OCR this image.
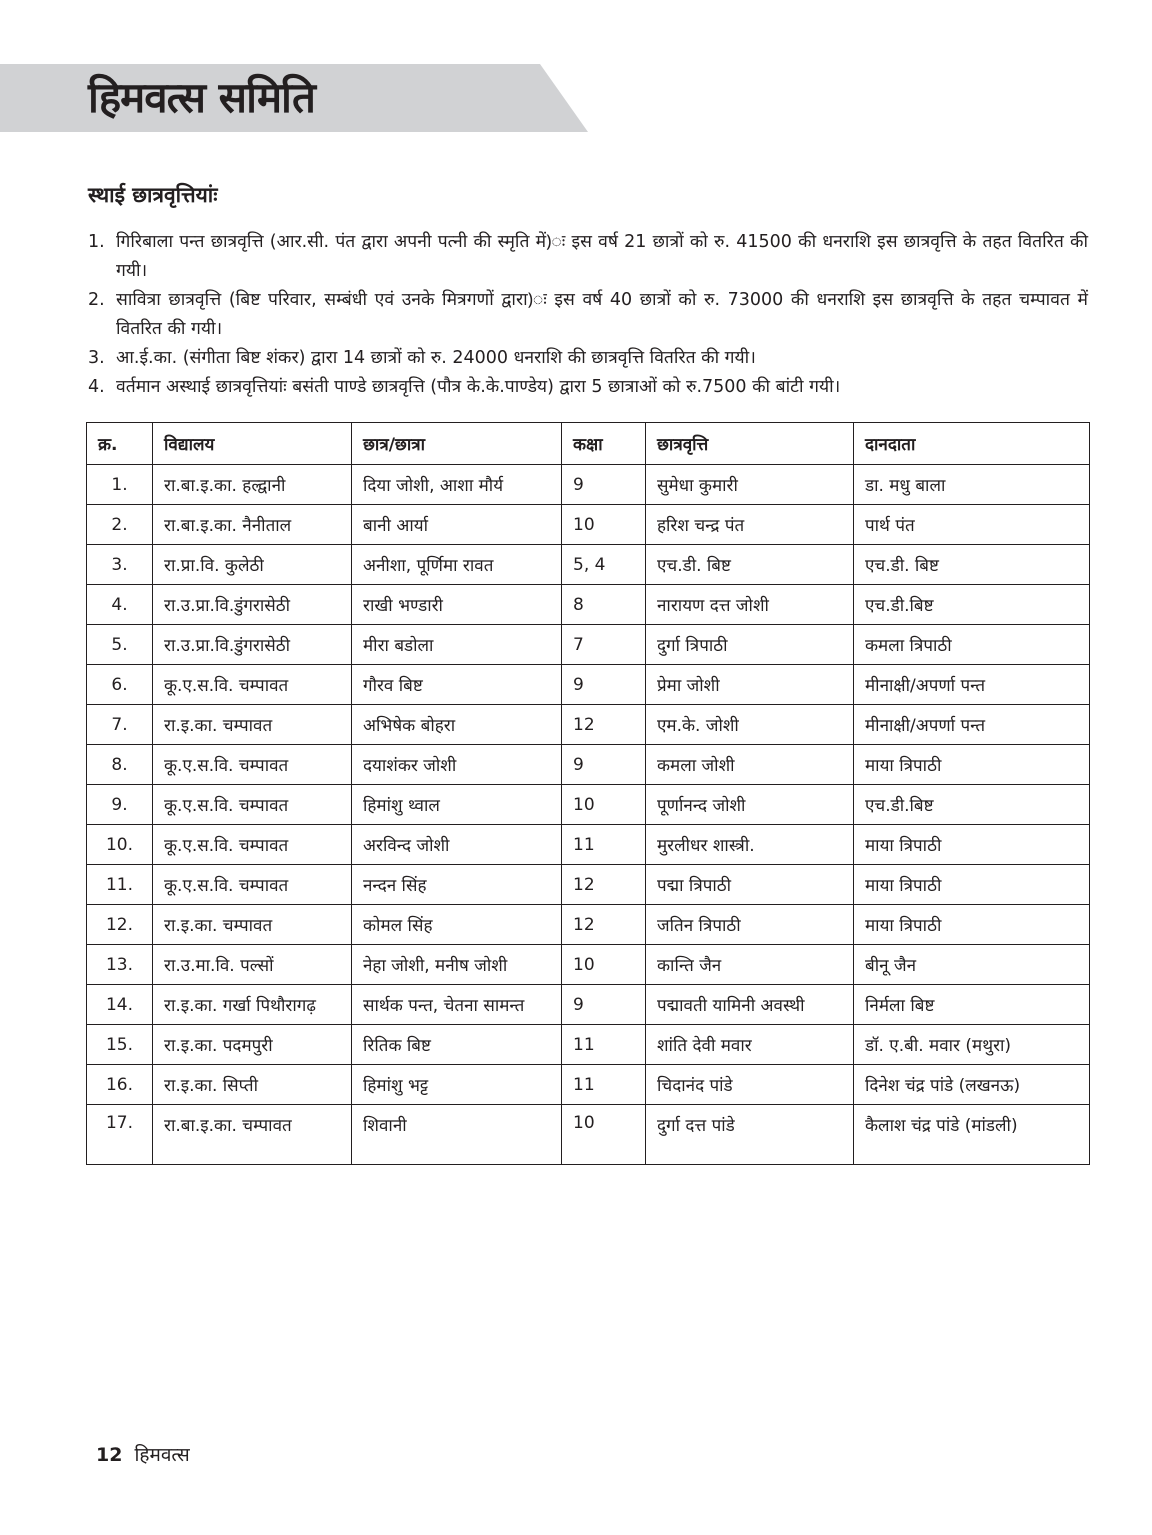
हिमवत्स समिति
स्थाई छात्रवृत्तियांः
1. गिरिबाला पन्त छात्रवृत्ति (आर.सी. पंत द्वारा अपनी पत्नी की स्मृति में)ः इस वर्ष 21 छात्रों को रु. 41500 की धनराशि इस छात्रवृत्ति के तहत वितरित की गयी।
2. सावित्रा छात्रवृत्ति (बिष्ट परिवार, सम्बंधी एवं उनके मित्रगणों द्वारा)ः इस वर्ष 40 छात्रों को रु. 73000 की धनराशि इस छात्रवृत्ति के तहत चम्पावत में वितरित की गयी।
3. आ.ई.का. (संगीता बिष्ट शंकर) द्वारा 14 छात्रों को रु. 24000 धनराशि की छात्रवृत्ति वितरित की गयी।
4. वर्तमान अस्थाई छात्रवृत्तियांः बसंती पाण्डे छात्रवृत्ति (पौत्र के.के.पाण्डेय) द्वारा 5 छात्राओं को रु.7500 की बांटी गयी।
क्र.	विद्यालय	छात्र/छात्रा	कक्षा	छात्रवृत्ति	दानदाता
1.	रा.बा.इ.का. हल्द्वानी	दिया जोशी, आशा मौर्य	9	सुमेधा कुमारी	डा. मधु बाला
2.	रा.बा.इ.का. नैनीताल	बानी आर्या	10	हरिश चन्द्र पंत	पार्थ पंत
3.	रा.प्रा.वि. कुलेठी	अनीशा, पूर्णिमा रावत	5, 4	एच.डी. बिष्ट	एच.डी. बिष्ट
4.	रा.उ.प्रा.वि.डुंगरासेठी	राखी भण्डारी	8	नारायण दत्त जोशी	एच.डी.बिष्ट
5.	रा.उ.प्रा.वि.डुंगरासेठी	मीरा बडोला	7	दुर्गा त्रिपाठी	कमला त्रिपाठी
6.	कू.ए.स.वि. चम्पावत	गौरव बिष्ट	9	प्रेमा जोशी	मीनाक्षी/अपर्णा पन्त
7.	रा.इ.का. चम्पावत	अभिषेक बोहरा	12	एम.के. जोशी	मीनाक्षी/अपर्णा पन्त
8.	कू.ए.स.वि. चम्पावत	दयाशंकर जोशी	9	कमला जोशी	माया त्रिपाठी
9.	कू.ए.स.वि. चम्पावत	हिमांशु थ्वाल	10	पूर्णानन्द जोशी	एच.डी.बिष्ट
10.	कू.ए.स.वि. चम्पावत	अरविन्द जोशी	11	मुरलीधर शास्त्री.	माया त्रिपाठी
11.	कू.ए.स.वि. चम्पावत	नन्दन सिंह	12	पद्मा त्रिपाठी	माया त्रिपाठी
12.	रा.इ.का. चम्पावत	कोमल सिंह	12	जतिन त्रिपाठी	माया त्रिपाठी
13.	रा.उ.मा.वि. पल्सों	नेहा जोशी, मनीष जोशी	10	कान्ति जैन	बीनू जैन
14.	रा.इ.का. गर्खा पिथौरागढ़	सार्थक पन्त, चेतना सामन्त	9	पद्मावती यामिनी अवस्थी	निर्मला बिष्ट
15.	रा.इ.का. पदमपुरी	रितिक बिष्ट	11	शांति देवी मवार	डॉ. ए.बी. मवार (मथुरा)
16.	रा.इ.का. सिप्ती	हिमांशु भट्ट	11	चिदानंद पांडे	दिनेश चंद्र पांडे (लखनऊ)
17.	रा.बा.इ.का. चम्पावत	शिवानी	10	दुर्गा दत्त पांडे	कैलाश चंद्र पांडे (मांडली)
12 हिमवत्स
